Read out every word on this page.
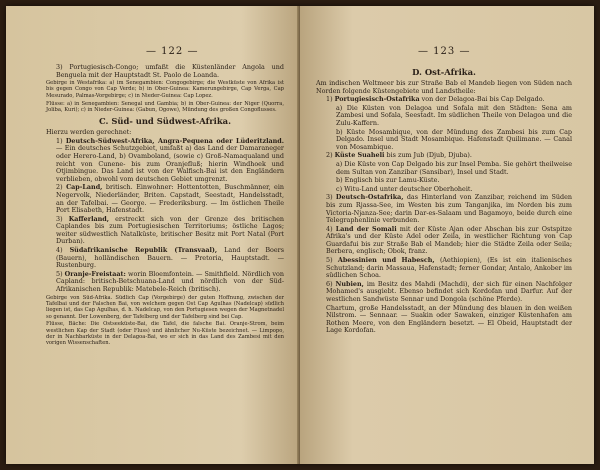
— 122 —
3) Portugiesisch-Congo; umfaßt die Küstenländer Angola und Benguela mit der Hauptstadt St. Paolo de Loanda.
Gebirge in Westafrika: a) im Senegambien: Congogebirge; die Westküste von Afrika ist bis gegen Congo von Cap Verde; b) in Ober-Guinea: Kamerungebirge, Cap Verga, Cap Mesurado, Palmas-Vorgebirge; c) in Nieder-Guinea: Cap Lopez.
Flüsse: a) in Senegambien: Senegal und Gambia; b) in Ober-Guinea: der Niger (Quorra, Joliba, Kuri); c) in Nieder-Guinea: (Gabun, Ogowe), Mündung des großen Congoflusses.
C. Süd- und Südwest-Afrika.
Hierzu werden gerechnet:
1) Deutsch-Südwest-Afrika, Angra-Pequena oder Lüderitzland. — Ein deutsches Schutzgebiet, umfaßt a) das Land der Damaraneger oder Herero-Land, b) Ovamboland, (sowie c) Groß-Namaqualand und reicht von Cunene- bis zum Oranjefluß; hierin Windhoek und Otjimbingue. Das Land ist von der Walfisch-Bai ist den Engländern verblieben, obwohl vom deutschen Gebiet umgrenzt.
2) Cap-Land, britisch. Einwohner: Hottentotten, Buschmänner, ein Negervolk, Niederländer, Briten. Capstadt, Seestadt, Handelsstadt, an der Tafelbai. — George. — Frederiksburg. — Im östlichen Theile Port Elisabeth, Hafenstadt.
3) Kafferland, erstreckt sich von der Grenze des britischen Caplandes bis zum Portugiesischen Territoriums; östliche Lagos; weiter südwestlich Natalküste, britischer Besitz mit Port Natal (Port Durban).
4) Südafrikanische Republik (Transvaal), Land der Boers (Bauern), holländischen Bauern. — Pretoria, Hauptstadt. — Rustenburg.
5) Oranje-Freistaat: worin Bloemfontein. — Smithfield. Nördlich von Capland: britisch-Betschuana-Land und nördlich von der Süd-Afrikanischen Republik: Matebele-Reich (britisch).
Gebirge von Süd-Afrika. Südlich Cap (Vorgebirge) der guten Hoffnung, zwischen der Tafelbai und der Falschen Bai, von welchem gegen Ost Cap Agulhas (Nadelcap) südlich liegen ist, das Cap Agulhas, d. h. Nadelcap, von den Portugiesen wegen der Magnetnadel so genannt. Der Lowenberg, der Tafelberg und der Tafelberg sind bei Cap.
Flüsse, Bäche: Die Ostseeküste-Bai, die Tafel, die falsche Bai. Oranje-Strom, beim westlichen Kap der Stadt (oder Fluss) und ähnlicher Nu-Küste bezeichnet. — Limpopo, der in Nachbarküste in der Delagoa-Bai, wo er sich in das Land des Zambesi mit den vorigen Wissenschaften.
— 123 —
D. Ost-Afrika.
Am indischen Weltmeer bis zur Straße Bab el Mandeb liegen von Süden nach Norden folgende Küstengebiete und Landstheile:
1) Portugiesisch-Ostafrika von der Delagoa-Bai bis Cap Delgado.
a) Die Küsten von Delagoa und Sofala mit den Städten: Sena am Zambesi und Sofala, Seestadt. Im südlichen Theile von Delagoa und die Zulu-Kaffern.
b) Küste Mosambique, von der Mündung des Zambesi bis zum Cap Delgado. Insel und Stadt Mosambique. Hafenstadt Quilimane. — Canal von Mosambique.
2) Küste Suaheli bis zum Jub (Djub, Djuba).
a) Die Küste von Cap Delgado bis zur Insel Pemba. Sie gehört theilweise dem Sultan von Zanzibar (Sansibar), Insel und Stadt.
b) Englisch bis zur Lamu-Küste.
c) Witu-Land unter deutscher Oberhoheit.
3) Deutsch-Ostafrika, das Hinterland von Zanzibar, reichend im Süden bis zum Rjassa-See, im Westen bis zum Tanganjika, im Norden bis zum Victoria-Njanza-See; darin Dar-es-Salaam und Bagamoyo, beide durch eine Telegraphenlinie verbunden.
4) Land der Somali mit der Küste Ajan oder Abschan bis zur Ostspitze Afrika's und der Küste Adel oder Zeila, in westlicher Richtung von Cap Guardafui bis zur Straße Bab el Mandeb; hier die Städte Zeila oder Seila; Berbera, englisch; Obok, franz.
5) Abessinien und Habesch, (Aethiopien), (Es ist ein italienisches Schutzland; darin Massaua, Hafenstadt; ferner Gondar, Antalo, Ankober im südlichen Schoa.
6) Nubien, im Besitz des Mahdi (Machdi), der sich für einen Nachfolger Mohamed's ausgiebt. Ebenso befindet sich Kordofan und Darfur. Auf der westlichen Sandwüste Sennar und Dongola (schöne Pferde).
Chartum, große Handelsstadt, an der Mündung des blauen in den weißen Nilstrom. — Sennaar. — Suakin oder Sawaken, einziger Küstenhafen am Rothen Meere, von den Engländern besetzt. — El Obeid, Hauptstadt der Lage Kordofan.
